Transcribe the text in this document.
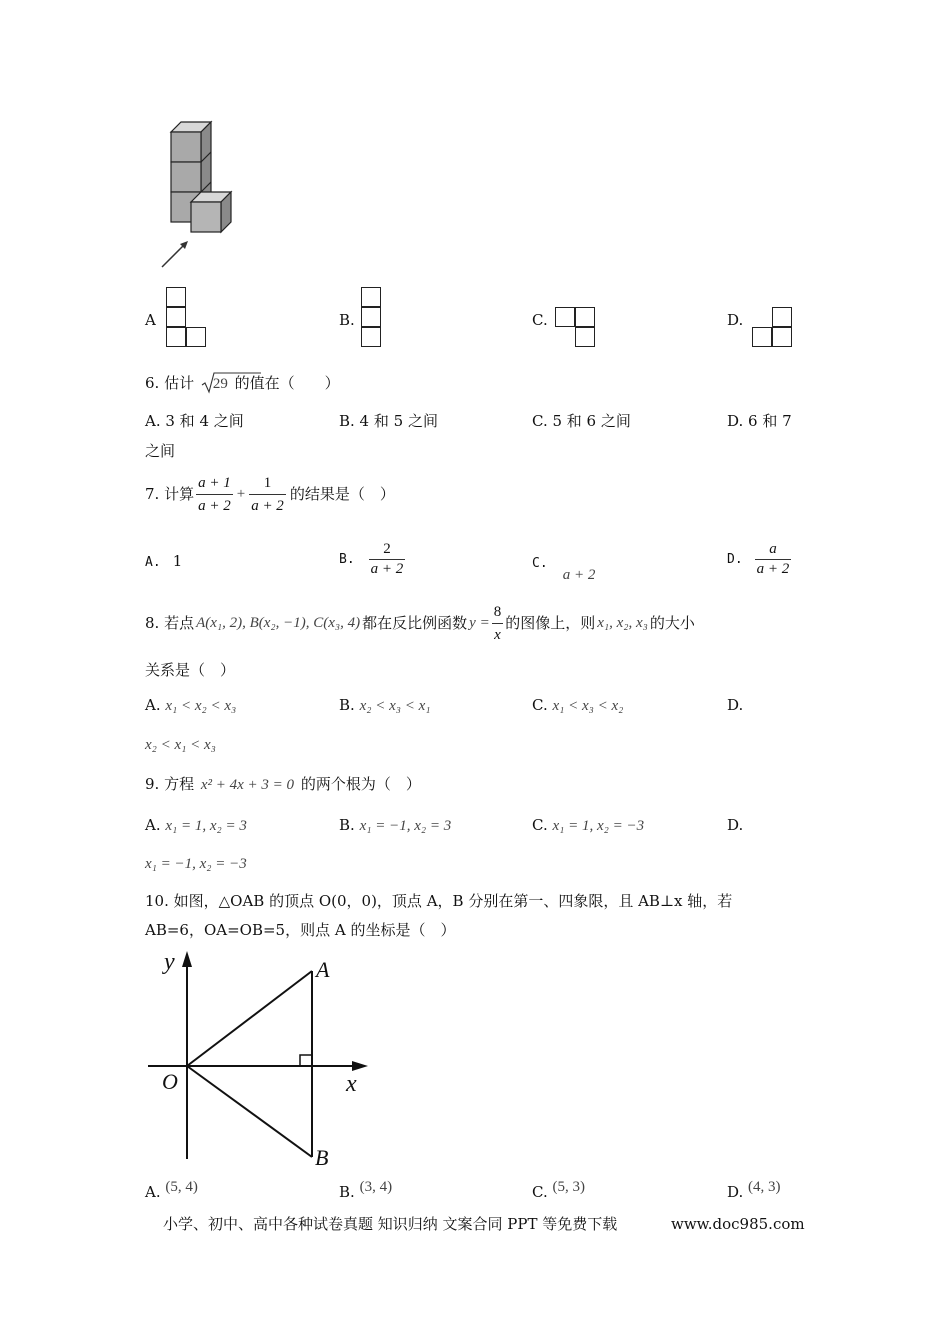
A	B.	C.	D.
6. 估计 29 的值在（　　）
A. 3 和 4 之间	B. 4 和 5 之间	C. 5 和 6 之间	D. 6 和 7
之间
7. 计算 $\frac{a + 1}{a + 2} + \frac{1}{a + 2}$ 的结果是（　）
A. 1	B. $\frac{2}{a + 2}$	C. a + 2
D. $\frac{a}{a + 2}$
8. 若点 A(x₁, 2), B(x₂, −1), C(x₃, 4) 都在反比例函数 $y = \frac{8}{x}$ 的图像上，则 x₁, x₂, x₃ 的大小
关系是（　）
A. x₁ < x₂ < x₃	B. x₂ < x₃ < x₁	C. x₁ < x₃ < x₂	D.
x₂ < x₁ < x₃
9. 方程 x² + 4x + 3 = 0 的两个根为（　）
A. x₁ = 1, x₂ = 3	B. x₁ = −1, x₂ = 3	C. x₁ = 1, x₂ = −3	D.
x₁ = −1, x₂ = −3
10. 如图，△OAB 的顶点 O(0，0)，顶点 A，B 分别在第一、四象限，且 AB⊥x 轴，若
AB=6，OA=OB=5，则点 A 的坐标是（　）
y
x
O
A
B
A. (5, 4)	B. (3, 4)	C. (5, 3)	D. (4, 3)
小学、初中、高中各种试卷真题 知识归纳 文案合同 PPT 等免费下载	www.doc985.com
